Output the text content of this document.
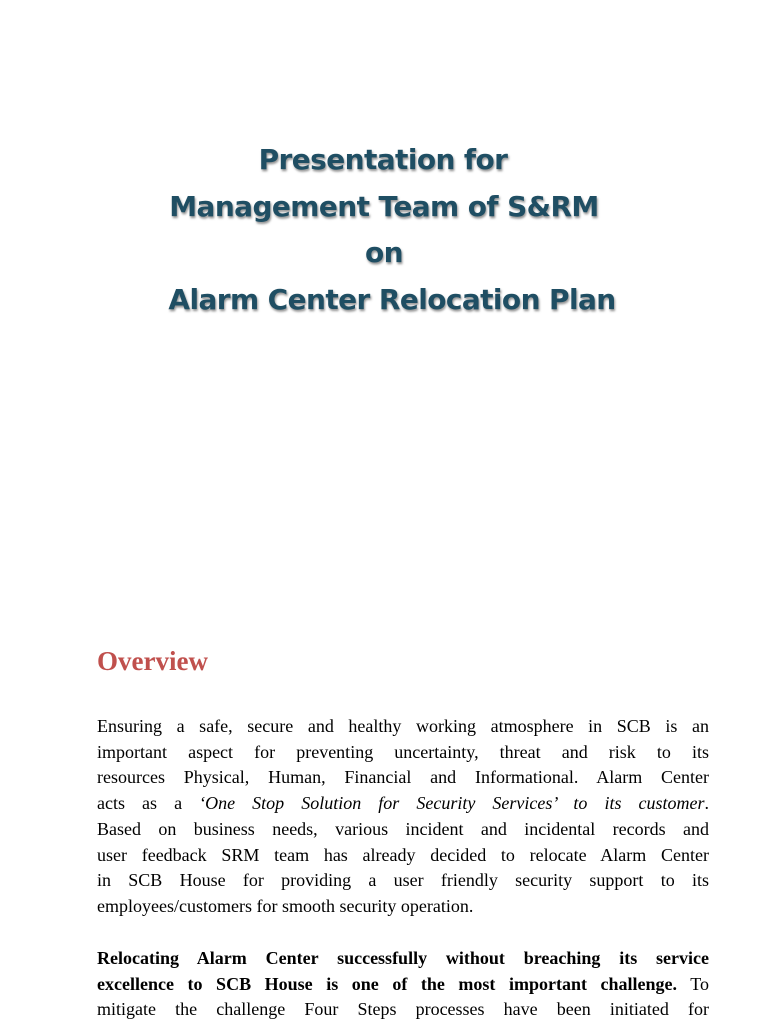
Presentation for
Management Team of S&RM
on
Alarm Center Relocation Plan
Overview
Ensuring a safe, secure and healthy working atmosphere in SCB is an
important aspect for preventing uncertainty, threat and risk to its
resources Physical, Human, Financial and Informational. Alarm Center
acts as a ‘One Stop Solution for Security Services’ to its customer.
Based on business needs, various incident and incidental records and
user feedback SRM team has already decided to relocate Alarm Center
in SCB House for providing a user friendly security support to its
employees/customers for smooth security operation.
Relocating Alarm Center successfully without breaching its service
excellence to SCB House is one of the most important challenge. To
mitigate the challenge Four Steps processes have been initiated for
